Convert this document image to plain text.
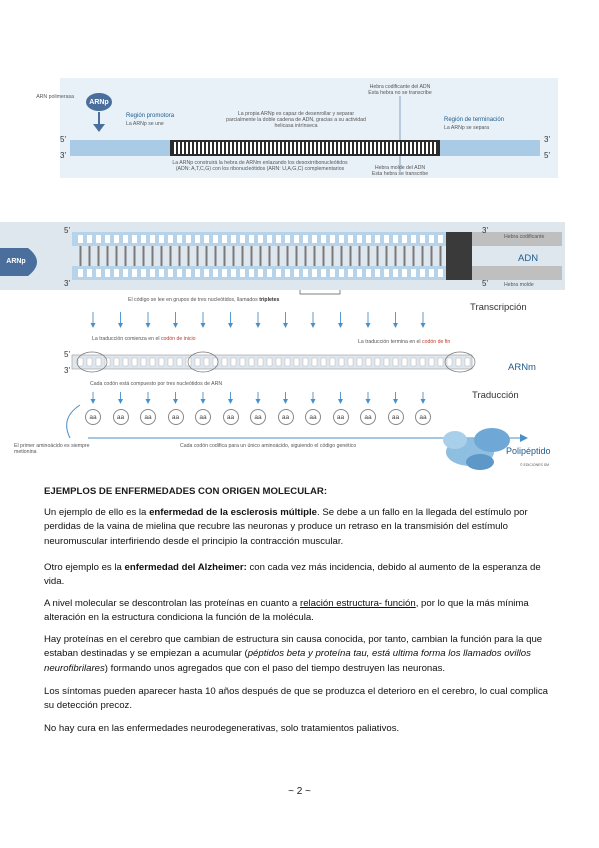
ARN polimerasa
ARNp
Región promotora
La ARNp se une
La propia ARNp es capaz de desenrollar y separar parcialmente la doble cadena de ADN, gracias a su actividad helicasa intrínseca
Hebra codificante del ADN
Esta hebra no se transcribe
Región de terminación
La ARNp se separa
La ARNp construirá la hebra de ARNm enlazando los desoxirribonucleótidos (ADN: A,T,C,G) con los ribonucleótidos (ARN: U,A,G,C) complementarios	Hebra molde del ADN
Esta hebra se transcribe
5'
3'
3'
5'
5'
3'
3'
5'
ARNp
Hebra codificante
ADN
Hebra molde
El código se lee en grupos de tres nucleótidos, llamados tripletes
Transcripción
La traducción comienza en el codón de inicio	La traducción termina en el codón de fin
5'
3'	ARNm
Cada codón está compuesto por tres nucleótidos de ARN
Traducción
aa	aa	aa	aa	aa	aa	aa	aa	aa	aa	aa	aa	aa
El primer aminoácido es siempre metionina
Cada codón codifica para un único aminoácido, siguiendo el código genético	Polipéptido
© EDICIONES SM
EJEMPLOS DE ENFERMEDADES CON ORIGEN MOLECULAR:
Un ejemplo de ello es la enfermedad de la esclerosis múltiple. Se debe a un fallo en la llegada del estímulo por perdidas de la vaina de mielina que recubre las neuronas y produce un retraso en la transmisión del estímulo neuromuscular interfiriendo desde el principio la contracción muscular.
Otro ejemplo es la enfermedad del Alzheimer: con cada vez más incidencia, debido al aumento de la esperanza de vida.
A nivel molecular se descontrolan las proteínas en cuanto a relación estructura- función, por lo que la más mínima alteración en la estructura condiciona la función de la molécula.
Hay proteínas en el cerebro que cambian de estructura sin causa conocida, por tanto, cambian la función para la que estaban destinadas y se empiezan a acumular (péptidos beta y proteína tau, está ultima forma los llamados ovillos neurofibrilares) formando unos agregados que con el paso del tiempo destruyen las neuronas.
Los síntomas pueden aparecer hasta 10 años después de que se produzca el deterioro en el cerebro, lo cual complica su detección precoz.
No hay cura en las enfermedades neurodegenerativas, solo tratamientos paliativos.
~ 2 ~
